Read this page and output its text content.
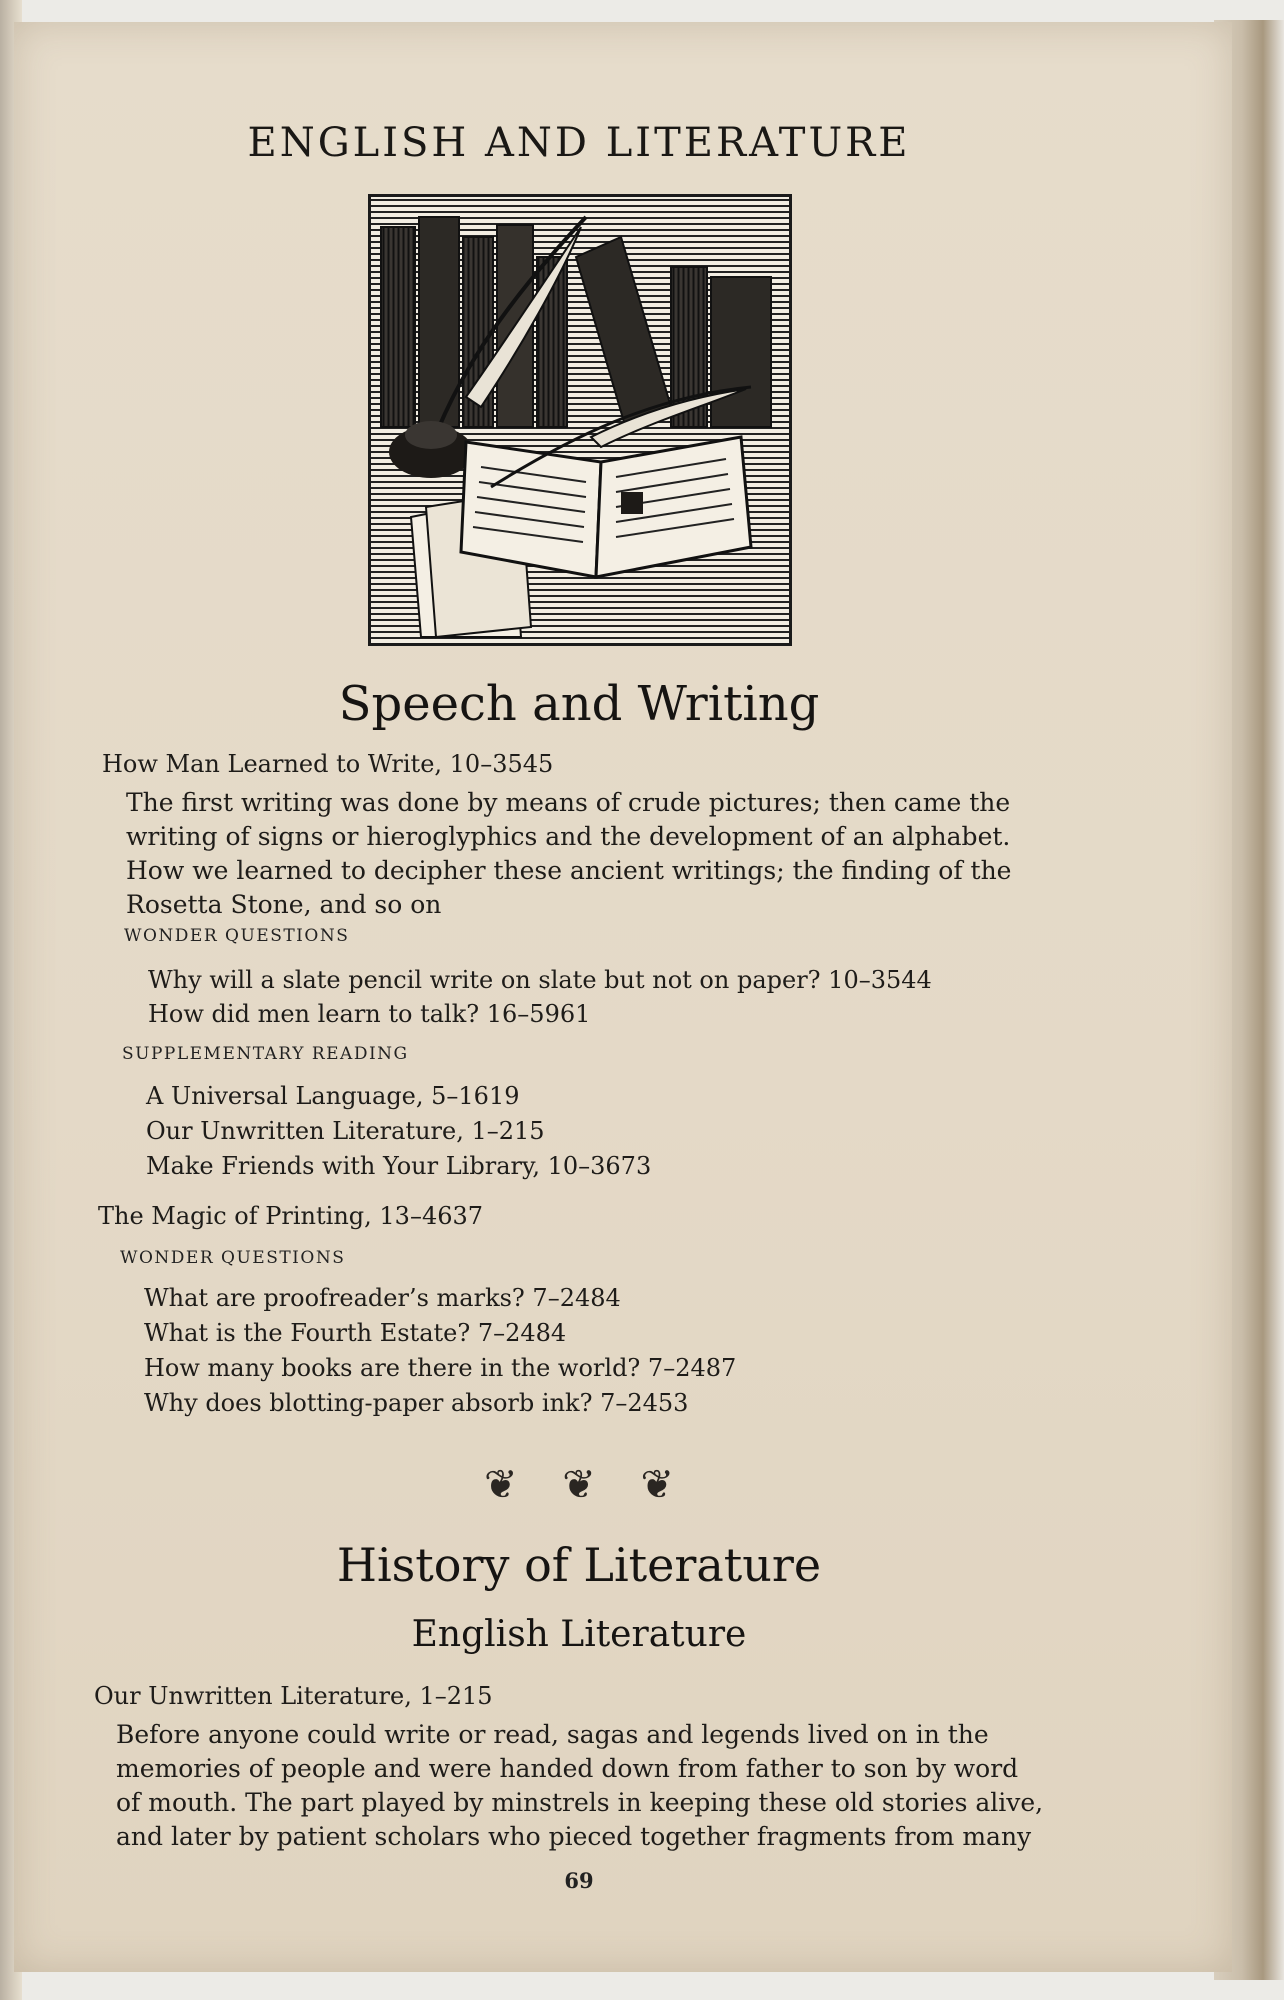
ENGLISH AND LITERATURE
Speech and Writing
How Man Learned to Write, 10–3545
The first writing was done by means of crude pictures; then came the
writing of signs or hieroglyphics and the development of an alphabet.
How we learned to decipher these ancient writings; the finding of the
Rosetta Stone, and so on
WONDER QUESTIONS
Why will a slate pencil write on slate but not on paper? 10–3544
How did men learn to talk? 16–5961
SUPPLEMENTARY READING
A Universal Language, 5–1619
Our Unwritten Literature, 1–215
Make Friends with Your Library, 10–3673
The Magic of Printing, 13–4637
WONDER QUESTIONS
What are proofreader’s marks? 7–2484
What is the Fourth Estate? 7–2484
How many books are there in the world? 7–2487
Why does blotting-paper absorb ink? 7–2453
❦ ❦ ❦
History of Literature
English Literature
Our Unwritten Literature, 1–215
Before anyone could write or read, sagas and legends lived on in the
memories of people and were handed down from father to son by word
of mouth. The part played by minstrels in keeping these old stories alive,
and later by patient scholars who pieced together fragments from many
69
